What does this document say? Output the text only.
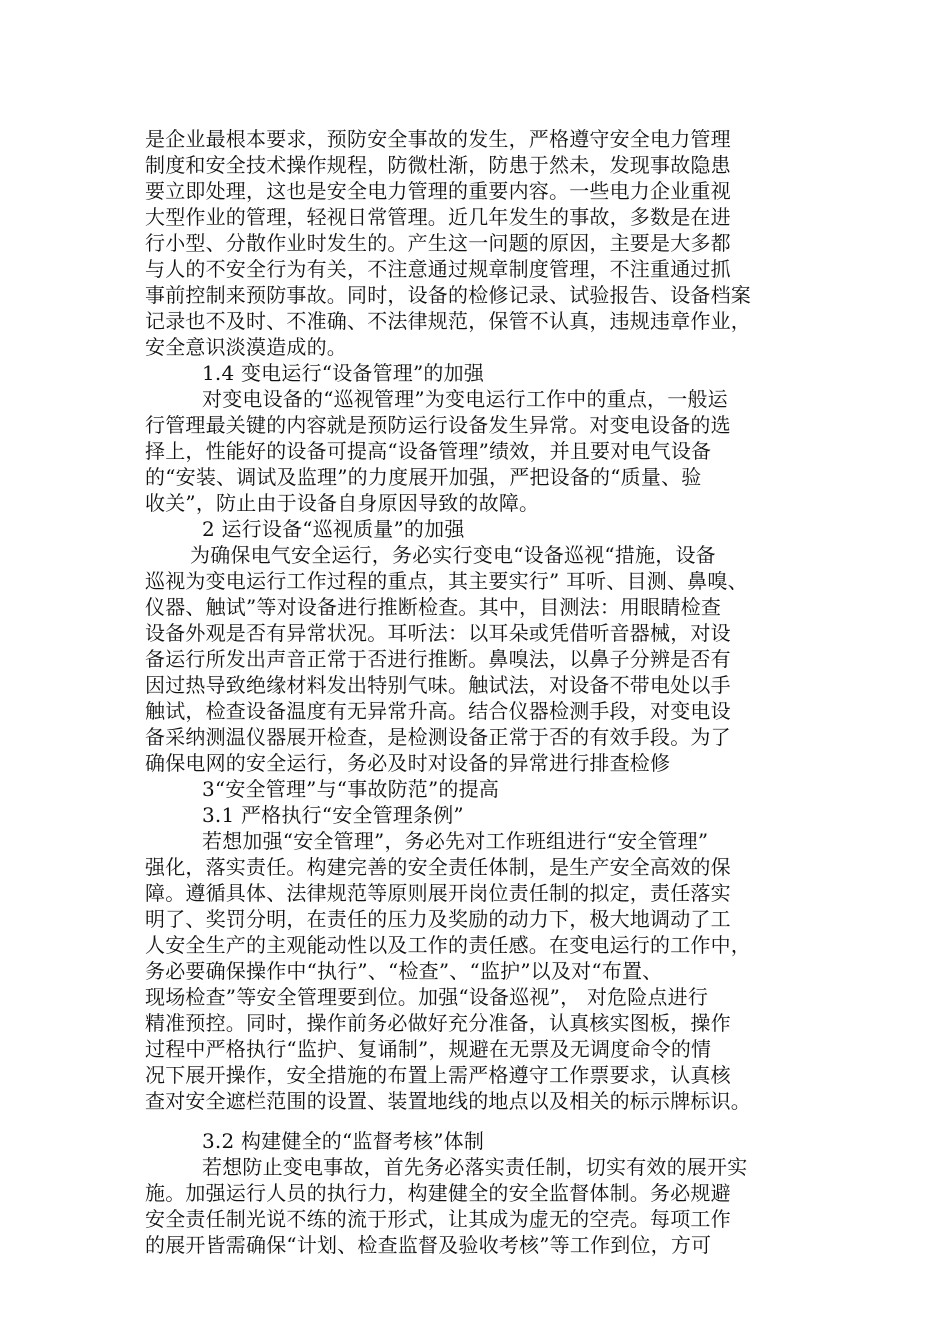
是企业最根本要求，预防安全事故的发生，严格遵守安全电力管理
制度和安全技术操作规程，防微杜渐，防患于然未，发现事故隐患
要立即处理，这也是安全电力管理的重要内容。一些电力企业重视
大型作业的管理，轻视日常管理。近几年发生的事故，多数是在进
行小型、分散作业时发生的。产生这一问题的原因，主要是大多都
与人的不安全行为有关，不注意通过规章制度管理，不注重通过抓
事前控制来预防事故。同时，设备的检修记录、试验报告、设备档案
记录也不及时、不准确、不法律规范，保管不认真，违规违章作业，
安全意识淡漠造成的。
1.4 变电运行“设备管理”的加强
对变电设备的“巡视管理”为变电运行工作中的重点，一般运
行管理最关键的内容就是预防运行设备发生异常。对变电设备的选
择上，性能好的设备可提高“设备管理”绩效，并且要对电气设备
的“安装、调试及监理”的力度展开加强，严把设备的“质量、验
收关”，防止由于设备自身原因导致的故障。
2 运行设备“巡视质量”的加强
为确保电气安全运行，务必实行变电“设备巡视“措施，设备
巡视为变电运行工作过程的重点，其主要实行” 耳听、目测、鼻嗅、
仪器、触试”等对设备进行推断检查。其中，目测法：用眼睛检查
设备外观是否有异常状况。耳听法：以耳朵或凭借听音器械，对设
备运行所发出声音正常于否进行推断。鼻嗅法，以鼻子分辨是否有
因过热导致绝缘材料发出特别气味。触试法，对设备不带电处以手
触试，检查设备温度有无异常升高。结合仪器检测手段，对变电设
备采纳测温仪器展开检查，是检测设备正常于否的有效手段。为了
确保电网的安全运行，务必及时对设备的异常进行排查检修
3“安全管理”与“事故防范”的提高
3.1 严格执行“安全管理条例”
若想加强“安全管理”，务必先对工作班组进行“安全管理”
强化，落实责任。构建完善的安全责任体制，是生产安全高效的保
障。遵循具体、法律规范等原则展开岗位责任制的拟定，责任落实
明了、奖罚分明，在责任的压力及奖励的动力下，极大地调动了工
人安全生产的主观能动性以及工作的责任感。在变电运行的工作中，
务必要确保操作中“执行”、“检查”、“监护”以及对“布置、
现场检查”等安全管理要到位。加强“设备巡视”， 对危险点进行
精准预控。同时，操作前务必做好充分准备，认真核实图板，操作
过程中严格执行“监护、复诵制”，规避在无票及无调度命令的情
况下展开操作，安全措施的布置上需严格遵守工作票要求，认真核
查对安全遮栏范围的设置、装置地线的地点以及相关的标示牌标识。
3.2 构建健全的“监督考核”体制
若想防止变电事故，首先务必落实责任制，切实有效的展开实
施。加强运行人员的执行力，构建健全的安全监督体制。务必规避
安全责任制光说不练的流于形式，让其成为虚无的空壳。每项工作
的展开皆需确保“计划、检查监督及验收考核”等工作到位，方可
